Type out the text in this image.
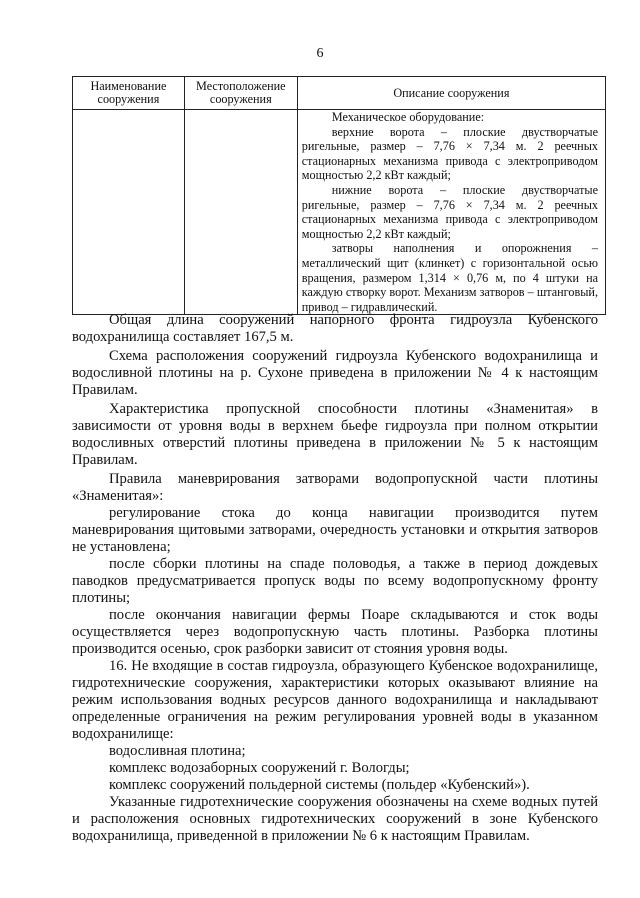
6
Наименование сооружения	Местоположение сооружения	Описание сооружения

		Механическое оборудование:

верхние ворота – плоские двустворчатые ригельные, размер – 7,76 × 7,34 м. 2 реечных стационарных механизма привода с электроприводом мощностью 2,2 кВт каждый;

нижние ворота – плоские двустворчатые ригельные, размер – 7,76 × 7,34 м. 2 реечных стационарных механизма привода с электроприводом мощностью 2,2 кВт каждый;

затворы наполнения и опорожнения – металлический щит (клинкет) с горизонтальной осью вращения, размером 1,314 × 0,76 м, по 4 штуки на каждую створку ворот. Механизм затворов – штанговый, привод – гидравлический.

Общая длина сооружений напорного фронта гидроузла Кубенского водохранилища составляет 167,5 м.

Схема расположения сооружений гидроузла Кубенского водохранилища и водосливной плотины на р. Сухоне приведена в приложении № 4 к настоящим Правилам.

Характеристика пропускной способности плотины «Знаменитая» в зависимости от уровня воды в верхнем бьефе гидроузла при полном открытии водосливных отверстий плотины приведена в приложении № 5 к настоящим Правилам.

Правила маневрирования затворами водопропускной части плотины «Знаменитая»:

регулирование стока до конца навигации производится путем маневрирования щитовыми затворами, очередность установки и открытия затворов не установлена;

после сборки плотины на спаде половодья, а также в период дождевых паводков предусматривается пропуск воды по всему водопропускному фронту плотины;

после окончания навигации фермы Поаре складываются и сток воды осуществляется через водопропускную часть плотины. Разборка плотины производится осенью, срок разборки зависит от стояния уровня воды.

16. Не входящие в состав гидроузла, образующего Кубенское водохранилище, гидротехнические сооружения, характеристики которых оказывают влияние на режим использования водных ресурсов данного водохранилища и накладывают определенные ограничения на режим регулирования уровней воды в указанном водохранилище:

водосливная плотина;

комплекс водозаборных сооружений г. Вологды;

комплекс сооружений польдерной системы (польдер «Кубенский»).

Указанные гидротехнические сооружения обозначены на схеме водных путей и расположения основных гидротехнических сооружений в зоне Кубенского водохранилища, приведенной в приложении № 6 к настоящим Правилам.
